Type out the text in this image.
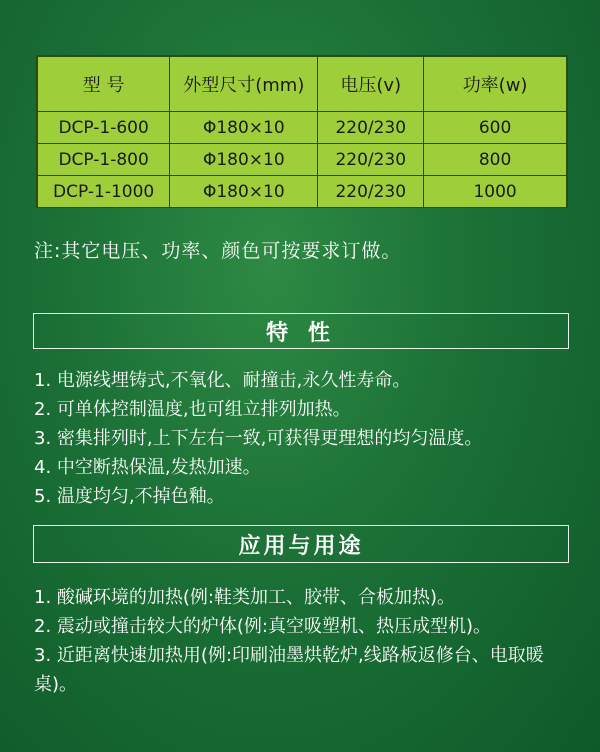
型 号	外型尺寸(mm)	电压(v)	功率(w)
DCP-1-600	Φ180×10	220/230	600
DCP-1-800	Φ180×10	220/230	800
DCP-1-1000	Φ180×10	220/230	1000
注:其它电压、功率、颜色可按要求订做。
特 性
1. 电源线埋铸式,不氧化、耐撞击,永久性寿命。
2. 可单体控制温度,也可组立排列加热。
3. 密集排列时,上下左右一致,可获得更理想的均匀温度。
4. 中空断热保温,发热加速。
5. 温度均匀,不掉色釉。
应用与用途
1. 酸碱环境的加热(例:鞋类加工、胶带、合板加热)。
2. 震动或撞击较大的炉体(例:真空吸塑机、热压成型机)。
3. 近距离快速加热用(例:印刷油墨烘乾炉,线路板返修台、电取暖桌)。
